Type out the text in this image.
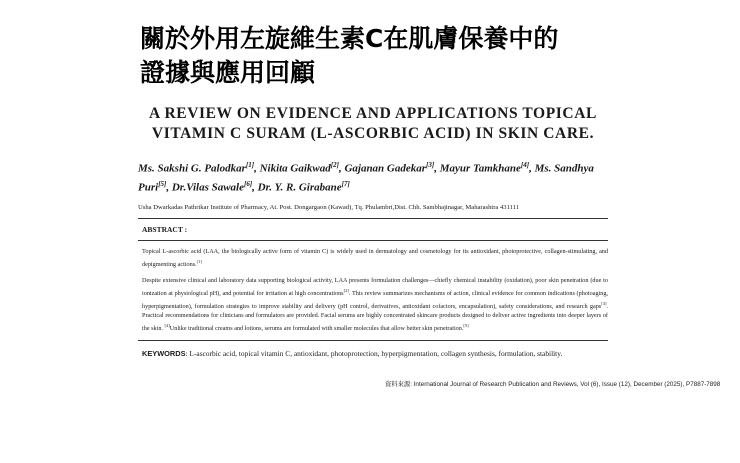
關於外用左旋維生素C在肌膚保養中的
證據與應用回顧
A REVIEW ON EVIDENCE AND APPLICATIONS TOPICAL
VITAMIN C SURAM (L-ASCORBIC ACID) IN SKIN CARE.
Ms. Sakshi G. Palodkar[1], Nikita Gaikwad[2], Gajanan Gadekar[3], Mayur Tamkhane[4], Ms. Sandhya Puri[5], Dr.Vilas Sawale[6], Dr. Y. R. Girabane[7]
Usha Dwarkadas Pathrikar Institute of Pharmacy, At. Post. Dongargaon (Kawad), Tq. Phulambri,Dist. Chh. Sambhajinagar, Maharashtra 431111
ABSTRACT :

Topical L-ascorbic acid (LAA, the biologically active form of vitamin C) is widely used in dermatology and cosmetology for its antioxidant, photoprotective, collagen-stimulating, and depigmenting actions.[1]

Despite extensive clinical and laboratory data supporting biological activity, LAA presents formulation challenges—chiefly chemical instability (oxidation), poor skin penetration (due to ionization at physiological pH), and potential for irritation at high concentrations[2]. This review summarizes mechanisms of action, clinical evidence for common indications (photoaging, hyperpigmentation), formulation strategies to improve stability and delivery (pH control, derivatives, antioxidant cofactors, encapsulation), safety considerations, and research gaps[3]. Practical recommendations for clinicians and formulators are provided. Facial serums are highly concentrated skincare products designed to deliver active ingredients into deeper layers of the skin. [4]Unlike traditional creams and lotions, serums are formulated with smaller molecules that allow better skin penetration.[5]

KEYWORDS: L-ascorbic acid, topical vitamin C, antioxidant, photoprotection, hyperpigmentation, collagen synthesis, formulation, stability.
資料來源: International Journal of Research Publication and Reviews, Vol (6), Issue (12), December (2025), P7887-7898
